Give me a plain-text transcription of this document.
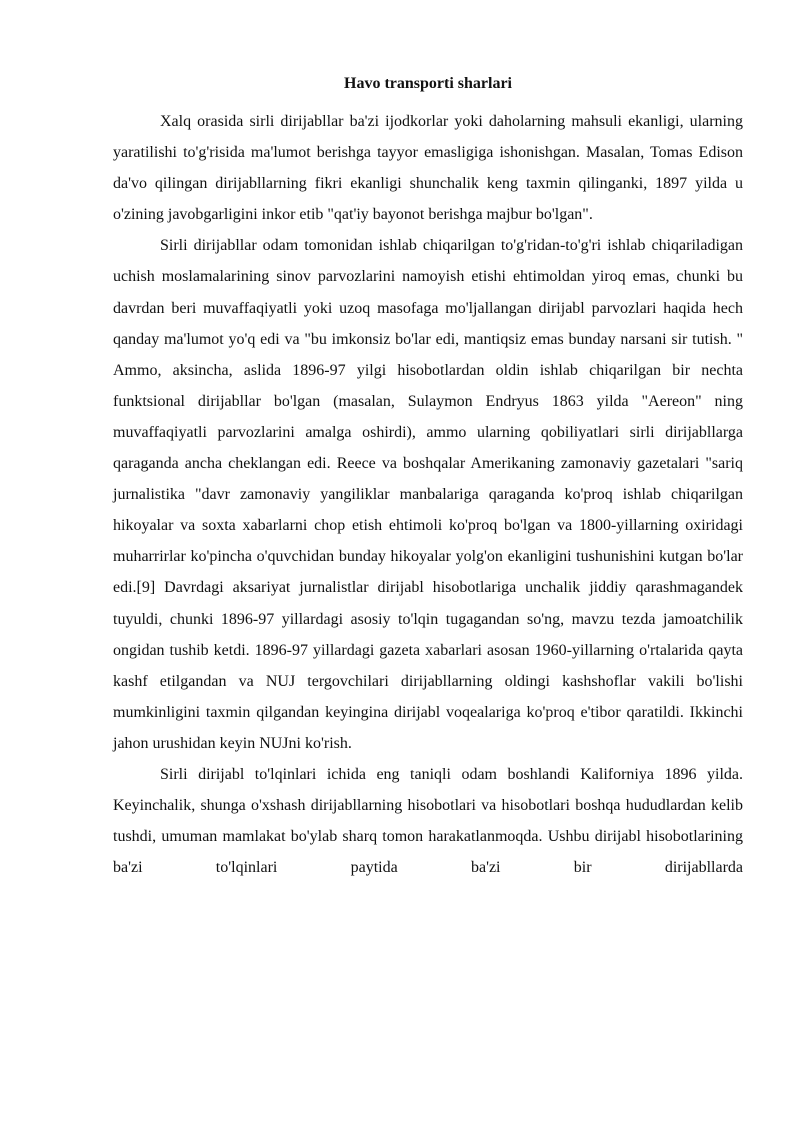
Havo transporti sharlari

Xalq orasida sirli dirijabllar ba'zi ijodkorlar yoki daholarning mahsuli ekanligi, ularning yaratilishi to'g'risida ma'lumot berishga tayyor emasligiga ishonishgan. Masalan, Tomas Edison da'vo qilingan dirijabllarning fikri ekanligi shunchalik keng taxmin qilinganki, 1897 yilda u o'zining javobgarligini inkor etib "qat'iy bayonot berishga majbur bo'lgan".

Sirli dirijabllar odam tomonidan ishlab chiqarilgan to'g'ridan-to'g'ri ishlab chiqariladigan uchish moslamalarining sinov parvozlarini namoyish etishi ehtimoldan yiroq emas, chunki bu davrdan beri muvaffaqiyatli yoki uzoq masofaga mo'ljallangan dirijabl parvozlari haqida hech qanday ma'lumot yo'q edi va "bu imkonsiz bo'lar edi, mantiqsiz emas bunday narsani sir tutish. " Ammo, aksincha, aslida 1896-97 yilgi hisobotlardan oldin ishlab chiqarilgan bir nechta funktsional dirijabllar bo'lgan (masalan, Sulaymon Endryus 1863 yilda "Aereon" ning muvaffaqiyatli parvozlarini amalga oshirdi), ammo ularning qobiliyatlari sirli dirijabllarga qaraganda ancha cheklangan edi. Reece va boshqalar Amerikaning zamonaviy gazetalari "sariq jurnalistika "davr zamonaviy yangiliklar manbalariga qaraganda ko'proq ishlab chiqarilgan hikoyalar va soxta xabarlarni chop etish ehtimoli ko'proq bo'lgan va 1800-yillarning oxiridagi muharrirlar ko'pincha o'quvchidan bunday hikoyalar yolg'on ekanligini tushunishini kutgan bo'lar edi.[9] Davrdagi aksariyat jurnalistlar dirijabl hisobotlariga unchalik jiddiy qarashmagandek tuyuldi, chunki 1896-97 yillardagi asosiy to'lqin tugagandan so'ng, mavzu tezda jamoatchilik ongidan tushib ketdi. 1896-97 yillardagi gazeta xabarlari asosan 1960-yillarning o'rtalarida qayta kashf etilgandan va NUJ tergovchilari dirijabllarning oldingi kashshoflar vakili bo'lishi mumkinligini taxmin qilgandan keyingina dirijabl voqealariga ko'proq e'tibor qaratildi. Ikkinchi jahon urushidan keyin NUJni ko'rish.

Sirli dirijabl to'lqinlari ichida eng taniqli odam boshlandi Kaliforniya 1896 yilda. Keyinchalik, shunga o'xshash dirijabllarning hisobotlari va hisobotlari boshqa hududlardan kelib tushdi, umuman mamlakat bo'ylab sharq tomon harakatlanmoqda. Ushbu dirijabl hisobotlarining ba'zi to'lqinlari paytida ba'zi bir dirijabllarda
